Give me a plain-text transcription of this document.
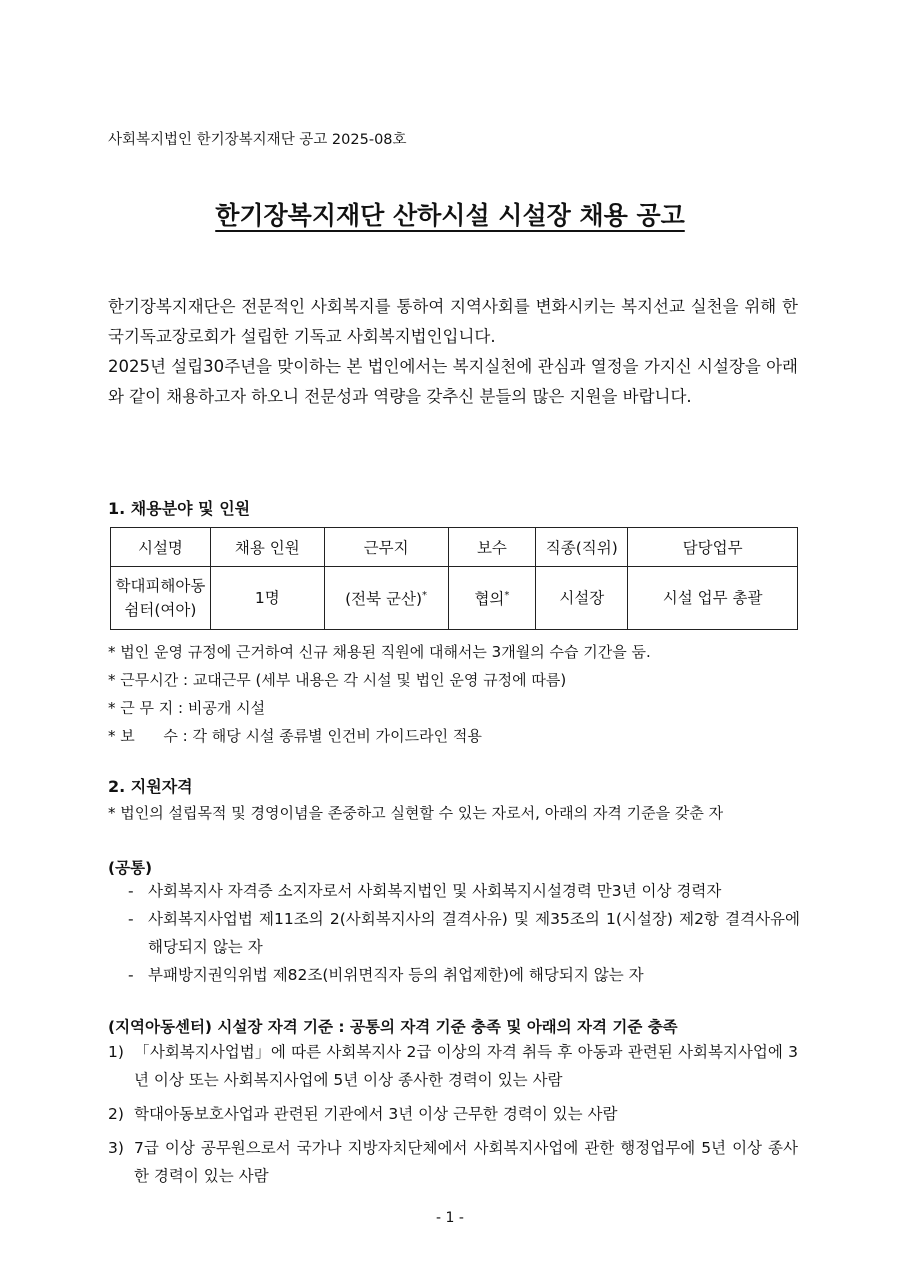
사회복지법인 한기장복지재단 공고 2025-08호
한기장복지재단 산하시설 시설장 채용 공고

한기장복지재단은 전문적인 사회복지를 통하여 지역사회를 변화시키는 복지선교 실천을 위해 한국기독교장로회가 설립한 기독교 사회복지법인입니다.

2025년 설립30주년을 맞이하는 본 법인에서는 복지실천에 관심과 열정을 가지신 시설장을 아래와 같이 채용하고자 하오니 전문성과 역량을 갖추신 분들의 많은 지원을 바랍니다.

1. 채용분야 및 인원
시설명	채용 인원	근무지	보수	직종(직위)	담당업무
학대피해아동
쉼터(여아)	1명	(전북 군산)*	협의*	시설장	시설 업무 총괄
* 법인 운영 규정에 근거하여 신규 채용된 직원에 대해서는 3개월의 수습 기간을 둠.
* 근무시간 : 교대근무 (세부 내용은 각 시설 및 법인 운영 규정에 따름)
* 근 무 지 : 비공개 시설
* 보      수 : 각 해당 시설 종류별 인건비 가이드라인 적용
2. 지원자격
* 법인의 설립목적 및 경영이념을 존중하고 실현할 수 있는 자로서, 아래의 자격 기준을 갖춘 자
(공통)
- 사회복지사 자격증 소지자로서 사회복지법인 및 사회복지시설경력 만3년 이상 경력자
- 사회복지사업법 제11조의 2(사회복지사의 결격사유) 및 제35조의 1(시설장) 제2항 결격사유에 해당되지 않는 자
- 부패방지권익위법 제82조(비위면직자 등의 취업제한)에 해당되지 않는 자
(지역아동센터) 시설장 자격 기준 : 공통의 자격 기준 충족 및 아래의 자격 기준 충족
1) 「사회복지사업법」에 따른 사회복지사 2급 이상의 자격 취득 후 아동과 관련된 사회복지사업에 3년 이상 또는 사회복지사업에 5년 이상 종사한 경력이 있는 사람
2) 학대아동보호사업과 관련된 기관에서 3년 이상 근무한 경력이 있는 사람
3) 7급 이상 공무원으로서 국가나 지방자치단체에서 사회복지사업에 관한 행정업무에 5년 이상 종사한 경력이 있는 사람
- 1 -
